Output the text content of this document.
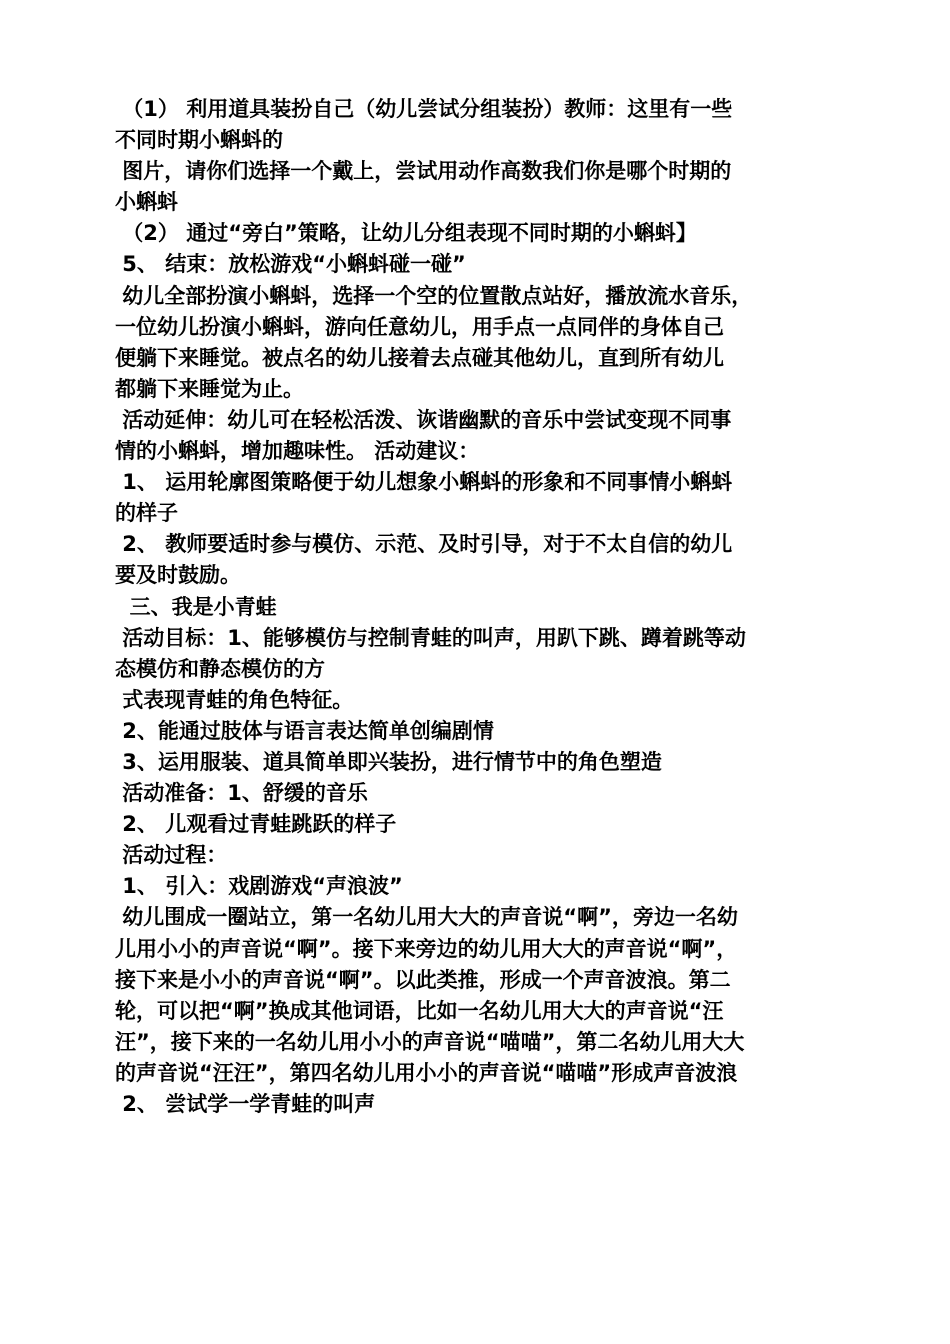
（1） 利用道具装扮自己（幼儿尝试分组装扮）教师：这里有一些
不同时期小蝌蚪的
图片，请你们选择一个戴上，尝试用动作高数我们你是哪个时期的
小蝌蚪
（2） 通过“旁白”策略，让幼儿分组表现不同时期的小蝌蚪】
5、 结束：放松游戏“小蝌蚪碰一碰”
幼儿全部扮演小蝌蚪，选择一个空的位置散点站好，播放流水音乐，
一位幼儿扮演小蝌蚪，游向任意幼儿，用手点一点同伴的身体自己
便躺下来睡觉。被点名的幼儿接着去点碰其他幼儿，直到所有幼儿
都躺下来睡觉为止。
活动延伸：幼儿可在轻松活泼、诙谐幽默的音乐中尝试变现不同事
情的小蝌蚪，增加趣味性。 活动建议：
1、 运用轮廓图策略便于幼儿想象小蝌蚪的形象和不同事情小蝌蚪
的样子
2、 教师要适时参与模仿、示范、及时引导，对于不太自信的幼儿
要及时鼓励。
三、我是小青蛙
活动目标：1、能够模仿与控制青蛙的叫声，用趴下跳、蹲着跳等动
态模仿和静态模仿的方
式表现青蛙的角色特征。
2、能通过肢体与语言表达简单创编剧情
3、运用服装、道具简单即兴装扮，进行情节中的角色塑造
活动准备：1、舒缓的音乐
2、 儿观看过青蛙跳跃的样子
活动过程：
1、 引入：戏剧游戏“声浪波”
幼儿围成一圈站立，第一名幼儿用大大的声音说“啊”，旁边一名幼
儿用小小的声音说“啊”。接下来旁边的幼儿用大大的声音说“啊”，
接下来是小小的声音说“啊”。以此类推，形成一个声音波浪。第二
轮，可以把“啊”换成其他词语，比如一名幼儿用大大的声音说“汪
汪”，接下来的一名幼儿用小小的声音说“喵喵”，第二名幼儿用大大
的声音说“汪汪”，第四名幼儿用小小的声音说“喵喵”形成声音波浪
2、 尝试学一学青蛙的叫声
